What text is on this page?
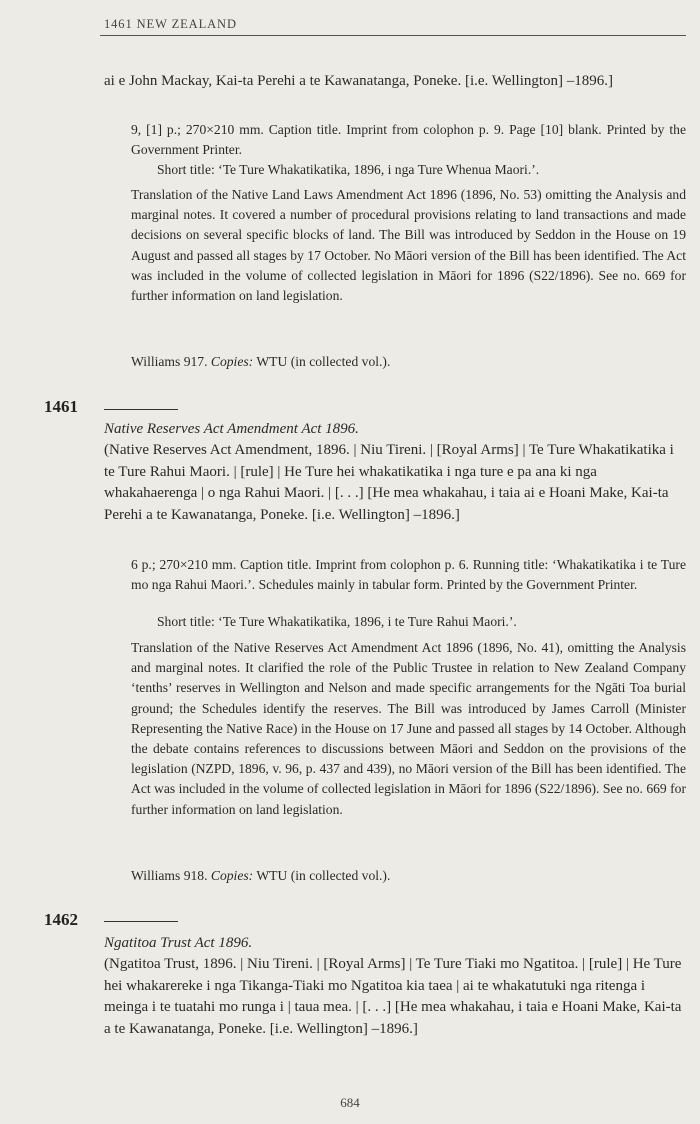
1461 NEW ZEALAND

ai e John Mackay, Kai-ta Perehi a te Kawanatanga, Poneke. [i.e. Wellington] –1896.]

9, [1] p.; 270×210 mm. Caption title. Imprint from colophon p. 9. Page [10] blank. Printed by the Government Printer.

Short title: ‘Te Ture Whakatikatika, 1896, i nga Ture Whenua Maori.’.

Translation of the Native Land Laws Amendment Act 1896 (1896, No. 53) omitting the Analysis and marginal notes. It covered a number of procedural provisions relating to land transactions and made decisions on several specific blocks of land. The Bill was introduced by Seddon in the House on 19 August and passed all stages by 17 October. No Māori version of the Bill has been identified. The Act was included in the volume of collected legislation in Māori for 1896 (S22/1896). See no. 669 for further information on land legislation.

Williams 917. Copies: WTU (in collected vol.).

1461

Native Reserves Act Amendment Act 1896.

(Native Reserves Act Amendment, 1896. | Niu Tireni. | [Royal Arms] | Te Ture Whakatikatika i te Ture Rahui Maori. | [rule] | He Ture hei whakatikatika i nga ture e pa ana ki nga whakahaerenga | o nga Rahui Maori. | [. . .] [He mea whakahau, i taia ai e Hoani Make, Kai-ta Perehi a te Kawanatanga, Poneke. [i.e. Wellington] –1896.]

6 p.; 270×210 mm. Caption title. Imprint from colophon p. 6. Running title: ‘Whakatikatika i te Ture mo nga Rahui Maori.’. Schedules mainly in tabular form. Printed by the Government Printer.

Short title: ‘Te Ture Whakatikatika, 1896, i te Ture Rahui Maori.’.

Translation of the Native Reserves Act Amendment Act 1896 (1896, No. 41), omitting the Analysis and marginal notes. It clarified the role of the Public Trustee in relation to New Zealand Company ‘tenths’ reserves in Wellington and Nelson and made specific arrangements for the Ngāti Toa burial ground; the Schedules identify the reserves. The Bill was introduced by James Carroll (Minister Representing the Native Race) in the House on 17 June and passed all stages by 14 October. Although the debate contains references to discussions between Māori and Seddon on the provisions of the legislation (NZPD, 1896, v. 96, p. 437 and 439), no Māori version of the Bill has been identified. The Act was included in the volume of collected legislation in Māori for 1896 (S22/1896). See no. 669 for further information on land legislation.

Williams 918. Copies: WTU (in collected vol.).

1462

Ngatitoa Trust Act 1896.

(Ngatitoa Trust, 1896. | Niu Tireni. | [Royal Arms] | Te Ture Tiaki mo Ngatitoa. | [rule] | He Ture hei whakarereke i nga Tikanga-Tiaki mo Ngatitoa kia taea | ai te whakatutuki nga ritenga i meinga i te tuatahi mo runga i | taua mea. | [. . .] [He mea whakahau, i taia e Hoani Make, Kai-ta a te Kawanatanga, Poneke. [i.e. Wellington] –1896.]

684
